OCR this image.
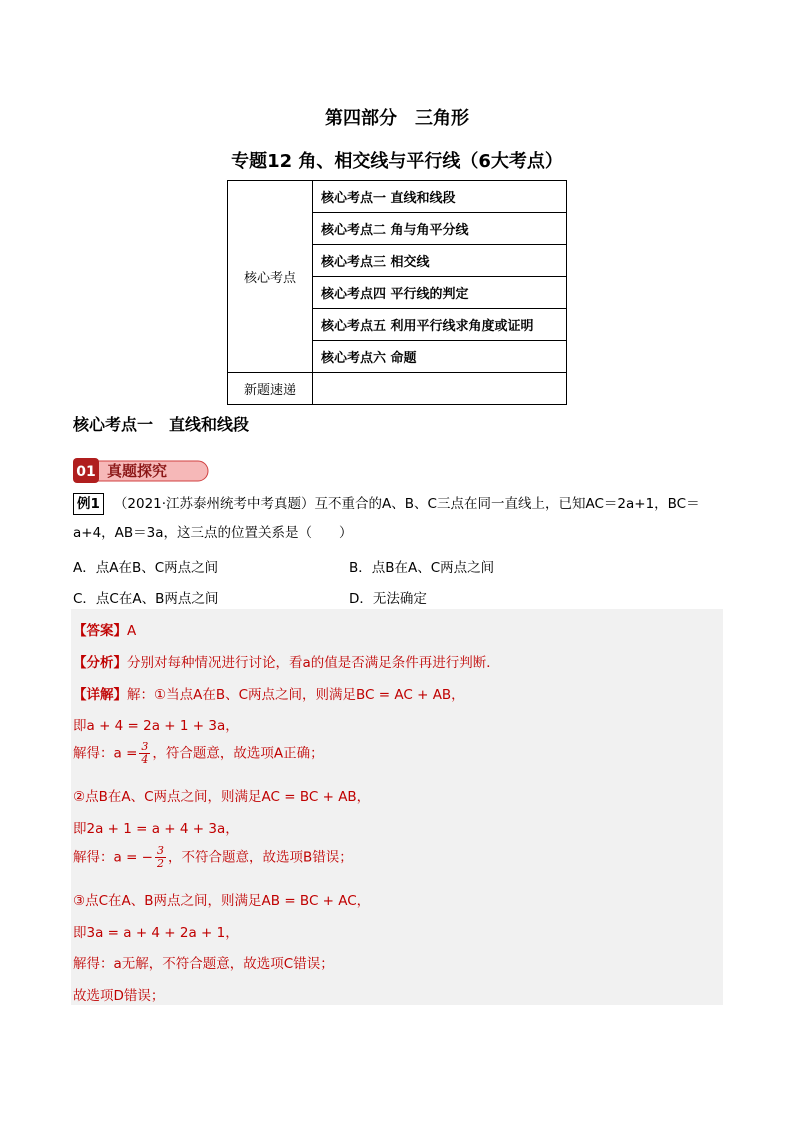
第四部分　三角形
专题12 角、相交线与平行线（6大考点）
核心考点	核心考点一 直线和线段
	核心考点二 角与角平分线
	核心考点三 相交线
	核心考点四 平行线的判定
	核心考点五 利用平行线求角度或证明
	核心考点六 命题
新题速递	
核心考点一　直线和线段
01 真题探究
例1 （2021·江苏泰州统考中考真题）互不重合的A、B、C三点在同一直线上，已知AC＝2a+1，BC＝
a+4，AB＝3a，这三点的位置关系是（　　）
A．点A在B、C两点之间	B．点B在A、C两点之间
C．点C在A、B两点之间	D．无法确定
【答案】A
【分析】分别对每种情况进行讨论，看a的值是否满足条件再进行判断．
【详解】解：①当点A在B、C两点之间，则满足BC = AC + AB，
即a + 4 = 2a + 1 + 3a，
解得：$a = \frac{3}{4}$ ，符合题意，故选项A正确；
②点B在A、C两点之间，则满足AC = BC + AB，
即2a + 1 = a + 4 + 3a，
解得：a = − $\frac{3}{2}$ ，不符合题意，故选项B错误；
③点C在A、B两点之间，则满足AB = BC + AC，
即3a = a + 4 + 2a + 1，
解得：a无解，不符合题意，故选项C错误；
故选项D错误；
